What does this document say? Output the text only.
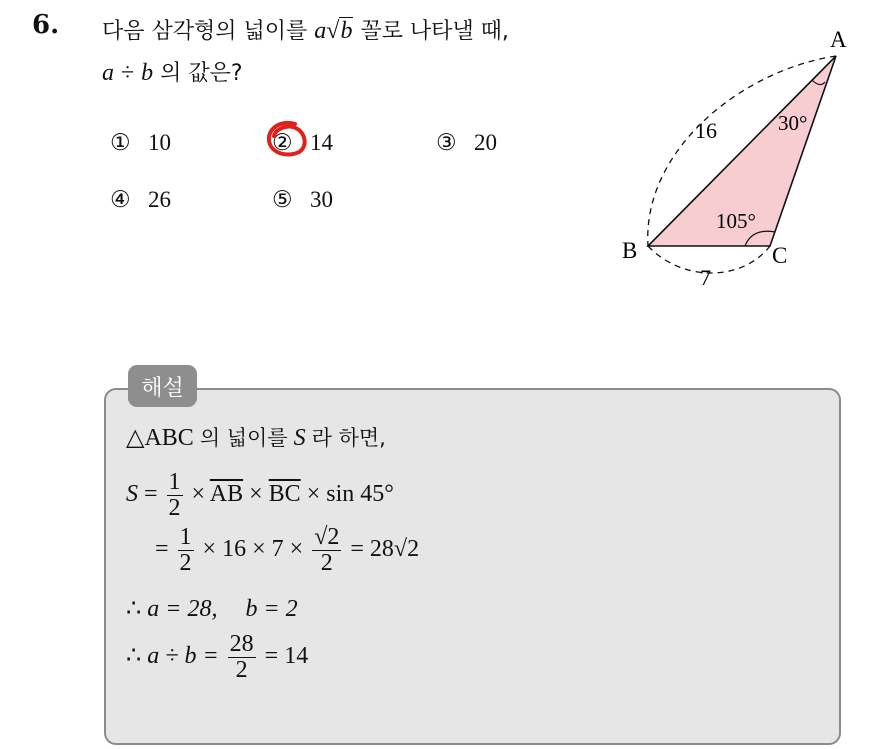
6. 다음 삼각형의 넓이를 a√b 꼴로 나타낼 때,
a ÷ b 의 값은?
① 10	② 14	③ 20
④ 26	⑤ 30
A
B	C
16
7
30°
105°
해설
△ABC 의 넓이를 S 라 하면,
$S = \frac{1}{2} \times \overline{AB} \times \overline{BC} \times \sin 45^\circ$
= $\frac{1}{2} \times 16 \times 7 \times \frac{√2}{2} = 28√2$
∴ a = 28, b = 2
∴ $a \div b = \frac{28}{2} = 14$
